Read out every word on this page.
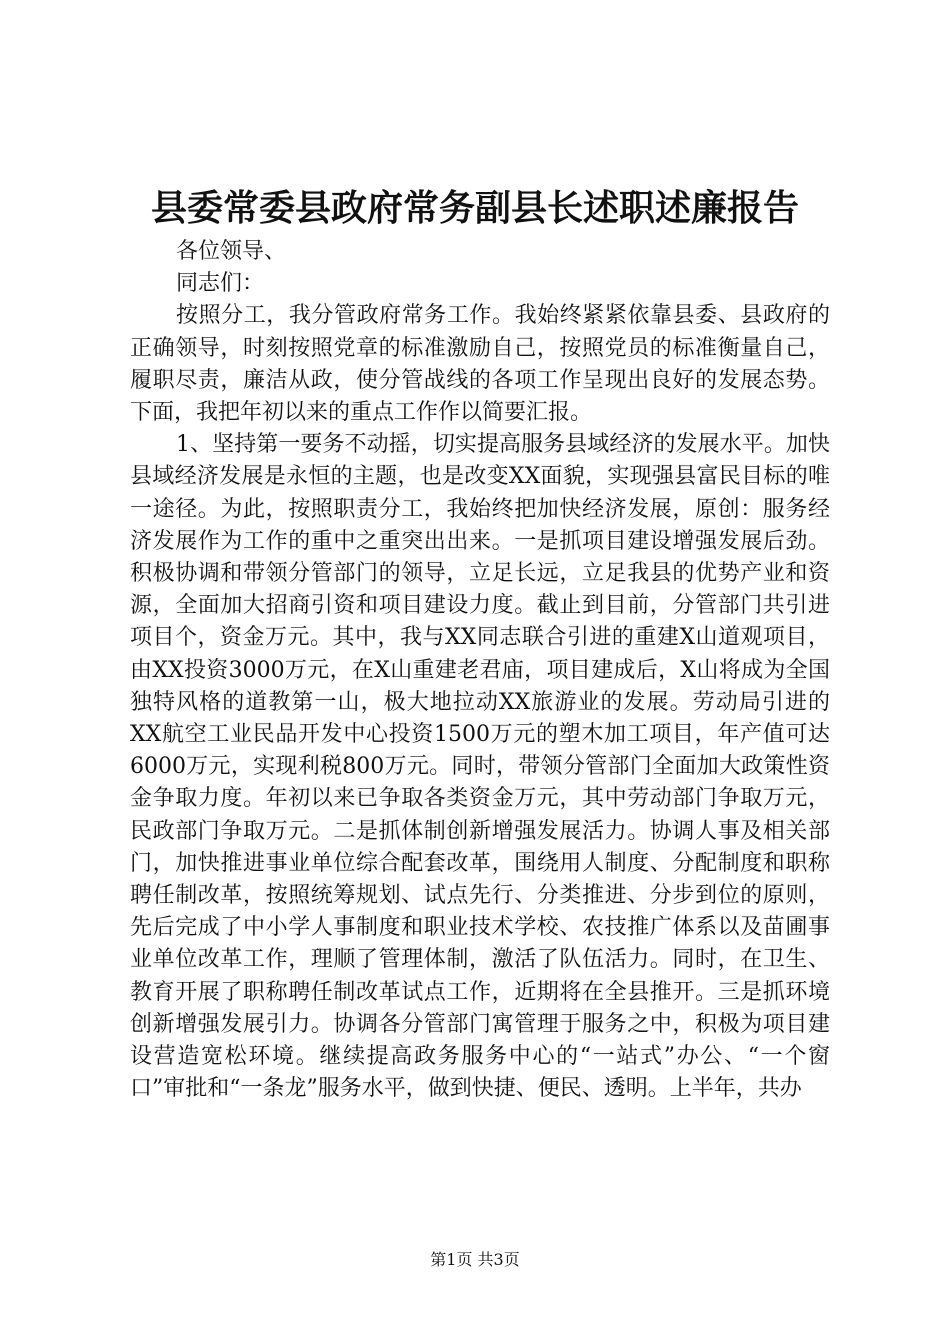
县委常委县政府常务副县长述职述廉报告

各位领导、

同志们：

按照分工，我分管政府常务工作。我始终紧紧依靠县委、县政府的正确领导，时刻按照党章的标准激励自己，按照党员的标准衡量自己，履职尽责，廉洁从政，使分管战线的各项工作呈现出良好的发展态势。下面，我把年初以来的重点工作作以简要汇报。

1、坚持第一要务不动摇，切实提高服务县域经济的发展水平。加快县域经济发展是永恒的主题，也是改变XX面貌，实现强县富民目标的唯一途径。为此，按照职责分工，我始终把加快经济发展，原创：服务经济发展作为工作的重中之重突出出来。一是抓项目建设增强发展后劲。积极协调和带领分管部门的领导，立足长远，立足我县的优势产业和资源，全面加大招商引资和项目建设力度。截止到目前，分管部门共引进项目个，资金万元。其中，我与XX同志联合引进的重建X山道观项目，由XX投资3000万元，在X山重建老君庙，项目建成后，X山将成为全国独特风格的道教第一山，极大地拉动XX旅游业的发展。劳动局引进的XX航空工业民品开发中心投资1500万元的塑木加工项目，年产值可达6000万元，实现利税800万元。同时，带领分管部门全面加大政策性资金争取力度。年初以来已争取各类资金万元，其中劳动部门争取万元，民政部门争取万元。二是抓体制创新增强发展活力。协调人事及相关部门，加快推进事业单位综合配套改革，围绕用人制度、分配制度和职称聘任制改革，按照统筹规划、试点先行、分类推进、分步到位的原则，先后完成了中小学人事制度和职业技术学校、农技推广体系以及苗圃事业单位改革工作，理顺了管理体制，激活了队伍活力。同时，在卫生、教育开展了职称聘任制改革试点工作，近期将在全县推开。三是抓环境创新增强发展引力。协调各分管部门寓管理于服务之中，积极为项目建设营造宽松环境。继续提高政务服务中心的“一站式”办公、“一个窗口”审批和“一条龙”服务水平，做到快捷、便民、透明。上半年，共办

第1页 共3页
